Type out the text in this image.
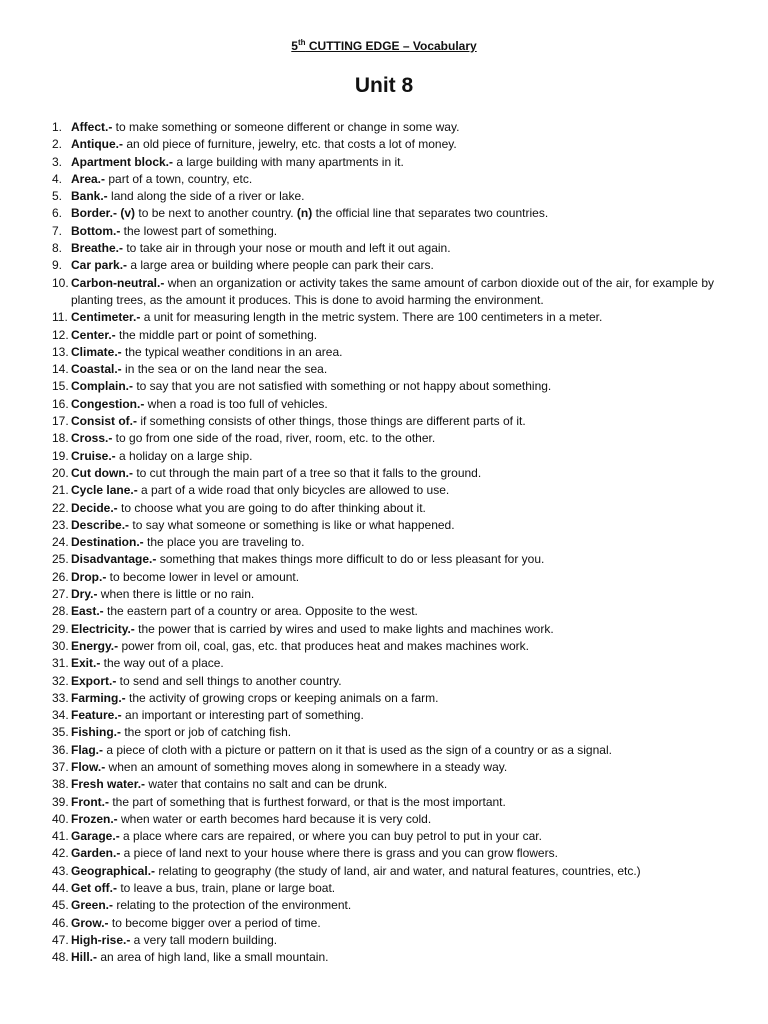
5th CUTTING EDGE – Vocabulary
Unit 8
1. Affect.- to make something or someone different or change in some way.
2. Antique.- an old piece of furniture, jewelry, etc. that costs a lot of money.
3. Apartment block.- a large building with many apartments in it.
4. Area.- part of a town, country, etc.
5. Bank.- land along the side of a river or lake.
6. Border.- (v) to be next to another country. (n) the official line that separates two countries.
7. Bottom.- the lowest part of something.
8. Breathe.- to take air in through your nose or mouth and left it out again.
9. Car park.- a large area or building where people can park their cars.
10. Carbon-neutral.- when an organization or activity takes the same amount of carbon dioxide out of the air, for example by planting trees, as the amount it produces. This is done to avoid harming the environment.
11. Centimeter.- a unit for measuring length in the metric system. There are 100 centimeters in a meter.
12. Center.- the middle part or point of something.
13. Climate.- the typical weather conditions in an area.
14. Coastal.- in the sea or on the land near the sea.
15. Complain.- to say that you are not satisfied with something or not happy about something.
16. Congestion.- when a road is too full of vehicles.
17. Consist of.- if something consists of other things, those things are different parts of it.
18. Cross.- to go from one side of the road, river, room, etc. to the other.
19. Cruise.- a holiday on a large ship.
20. Cut down.- to cut through the main part of a tree so that it falls to the ground.
21. Cycle lane.- a part of a wide road that only bicycles are allowed to use.
22. Decide.- to choose what you are going to do after thinking about it.
23. Describe.- to say what someone or something is like or what happened.
24. Destination.- the place you are traveling to.
25. Disadvantage.- something that makes things more difficult to do or less pleasant for you.
26. Drop.- to become lower in level or amount.
27. Dry.- when there is little or no rain.
28. East.- the eastern part of a country or area. Opposite to the west.
29. Electricity.- the power that is carried by wires and used to make lights and machines work.
30. Energy.- power from oil, coal, gas, etc. that produces heat and makes machines work.
31. Exit.- the way out of a place.
32. Export.- to send and sell things to another country.
33. Farming.- the activity of growing crops or keeping animals on a farm.
34. Feature.- an important or interesting part of something.
35. Fishing.- the sport or job of catching fish.
36. Flag.- a piece of cloth with a picture or pattern on it that is used as the sign of a country or as a signal.
37. Flow.- when an amount of something moves along in somewhere in a steady way.
38. Fresh water.- water that contains no salt and can be drunk.
39. Front.- the part of something that is furthest forward, or that is the most important.
40. Frozen.- when water or earth becomes hard because it is very cold.
41. Garage.- a place where cars are repaired, or where you can buy petrol to put in your car.
42. Garden.- a piece of land next to your house where there is grass and you can grow flowers.
43. Geographical.- relating to geography (the study of land, air and water, and natural features, countries, etc.)
44. Get off.- to leave a bus, train, plane or large boat.
45. Green.- relating to the protection of the environment.
46. Grow.- to become bigger over a period of time.
47. High-rise.- a very tall modern building.
48. Hill.- an area of high land, like a small mountain.
